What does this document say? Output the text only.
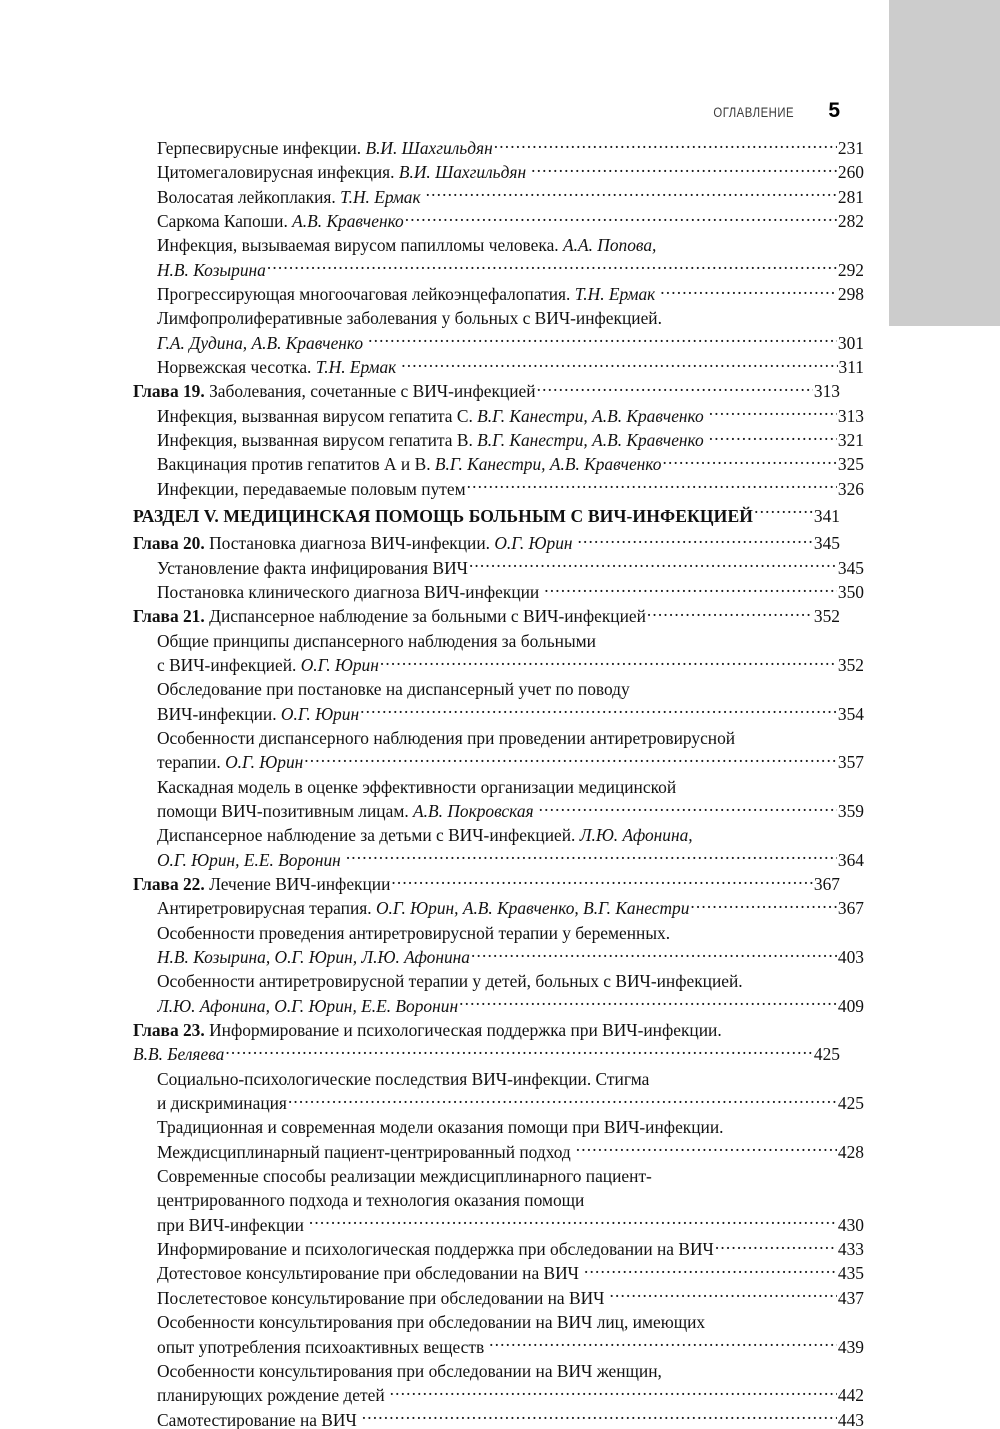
ОГЛАВЛЕНИЕ 5
Герпесвирусные инфекции. В.И. Шахгильдян .....	231
Цитомегаловирусная инфекция. В.И. Шахгильдян .....	260
Волосатая лейкоплакия. Т.Н. Ермак .....	281
Саркома Капоши. А.В. Кравченко .....	282
Инфекция, вызываемая вирусом папилломы человека. А.А. Попова,
Н.В. Козырина .....	292
Прогрессирующая многоочаговая лейкоэнцефалопатия. Т.Н. Ермак .....	298
Лимфопролиферативные заболевания у больных с ВИЧ-инфекцией.
Г.А. Дудина, А.В. Кравченко .....	301
Норвежская чесотка. Т.Н. Ермак .....	311
Глава 19. Заболевания, сочетанные с ВИЧ-инфекцией .....	313
Инфекция, вызванная вирусом гепатита С. В.Г. Канестри, А.В. Кравченко .....	313
Инфекция, вызванная вирусом гепатита В. В.Г. Канестри, А.В. Кравченко .....	321
Вакцинация против гепатитов А и В. В.Г. Канестри, А.В. Кравченко .....	325
Инфекции, передаваемые половым путем .....	326
РАЗДЕЛ V. МЕДИЦИНСКАЯ ПОМОЩЬ БОЛЬНЫМ С ВИЧ-ИНФЕКЦИЕЙ .....	341
Глава 20. Постановка диагноза ВИЧ-инфекции. О.Г. Юрин .....	345
Установление факта инфицирования ВИЧ .....	345
Постановка клинического диагноза ВИЧ-инфекции .....	350
Глава 21. Диспансерное наблюдение за больными с ВИЧ-инфекцией .....	352
Общие принципы диспансерного наблюдения за больными
с ВИЧ-инфекцией. О.Г. Юрин .....	352
Обследование при постановке на диспансерный учет по поводу
ВИЧ-инфекции. О.Г. Юрин .....	354
Особенности диспансерного наблюдения при проведении антиретровирусной
терапии. О.Г. Юрин .....	357
Каскадная модель в оценке эффективности организации медицинской
помощи ВИЧ-позитивным лицам. А.В. Покровская .....	359
Диспансерное наблюдение за детьми с ВИЧ-инфекцией. Л.Ю. Афонина,
О.Г. Юрин, Е.Е. Воронин .....	364
Глава 22. Лечение ВИЧ-инфекции .....	367
Антиретровирусная терапия. О.Г. Юрин, А.В. Кравченко, В.Г. Канестри .....	367
Особенности проведения антиретровирусной терапии у беременных.
Н.В. Козырина, О.Г. Юрин, Л.Ю. Афонина .....	403
Особенности антиретровирусной терапии у детей, больных с ВИЧ-инфекцией.
Л.Ю. Афонина, О.Г. Юрин, Е.Е. Воронин .....	409
Глава 23. Информирование и психологическая поддержка при ВИЧ-инфекции.
В.В. Беляева .....	425
Социально-психологические последствия ВИЧ-инфекции. Стигма
и дискриминация .....	425
Традиционная и современная модели оказания помощи при ВИЧ-инфекции.
Междисциплинарный пациент-центрированный подход .....	428
Современные способы реализации междисциплинарного пациент-
центрированного подхода и технология оказания помощи
при ВИЧ-инфекции .....	430
Информирование и психологическая поддержка при обследовании на ВИЧ .....	433
Дотестовое консультирование при обследовании на ВИЧ .....	435
Послетестовое консультирование при обследовании на ВИЧ .....	437
Особенности консультирования при обследовании на ВИЧ лиц, имеющих
опыт употребления психоактивных веществ .....	439
Особенности консультирования при обследовании на ВИЧ женщин,
планирующих рождение детей .....	442
Самотестирование на ВИЧ .....	443
